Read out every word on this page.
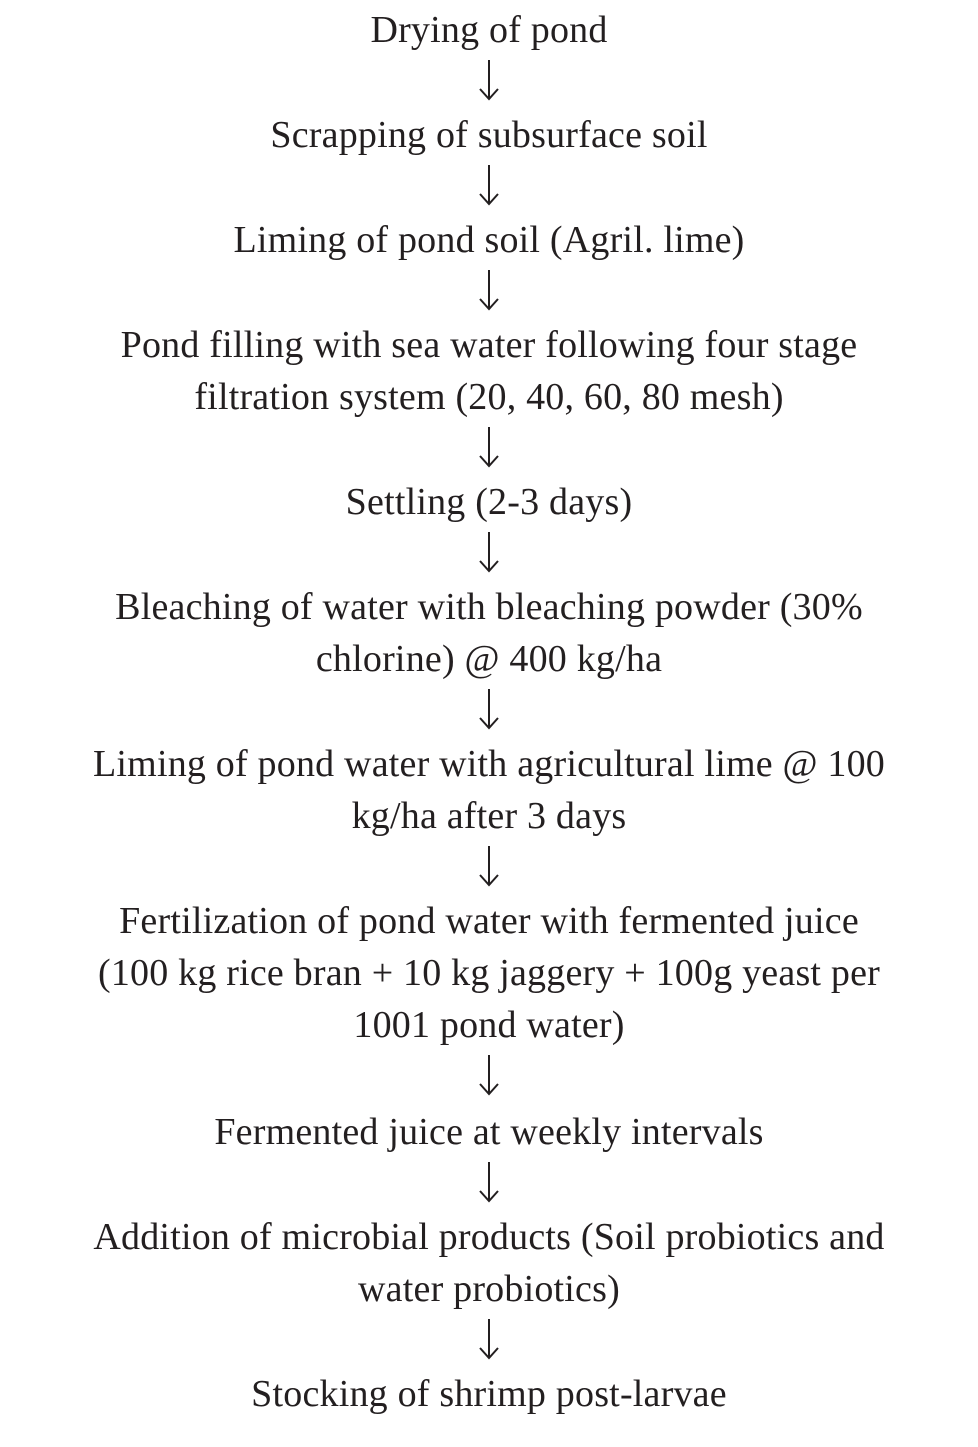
Drying of pond
Scrapping of subsurface soil
Liming of pond soil (Agril. lime)
Pond filling with sea water following four stage
filtration system (20, 40, 60, 80 mesh)
Settling (2-3 days)
Bleaching of water with bleaching powder (30%
chlorine) @ 400 kg/ha
Liming of pond water with agricultural lime @ 100
kg/ha after 3 days
Fertilization of pond water with fermented juice
(100 kg rice bran + 10 kg jaggery + 100g yeast per
1001 pond water)
Fermented juice at weekly intervals
Addition of microbial products (Soil probiotics and
water probiotics)
Stocking of shrimp post-larvae
